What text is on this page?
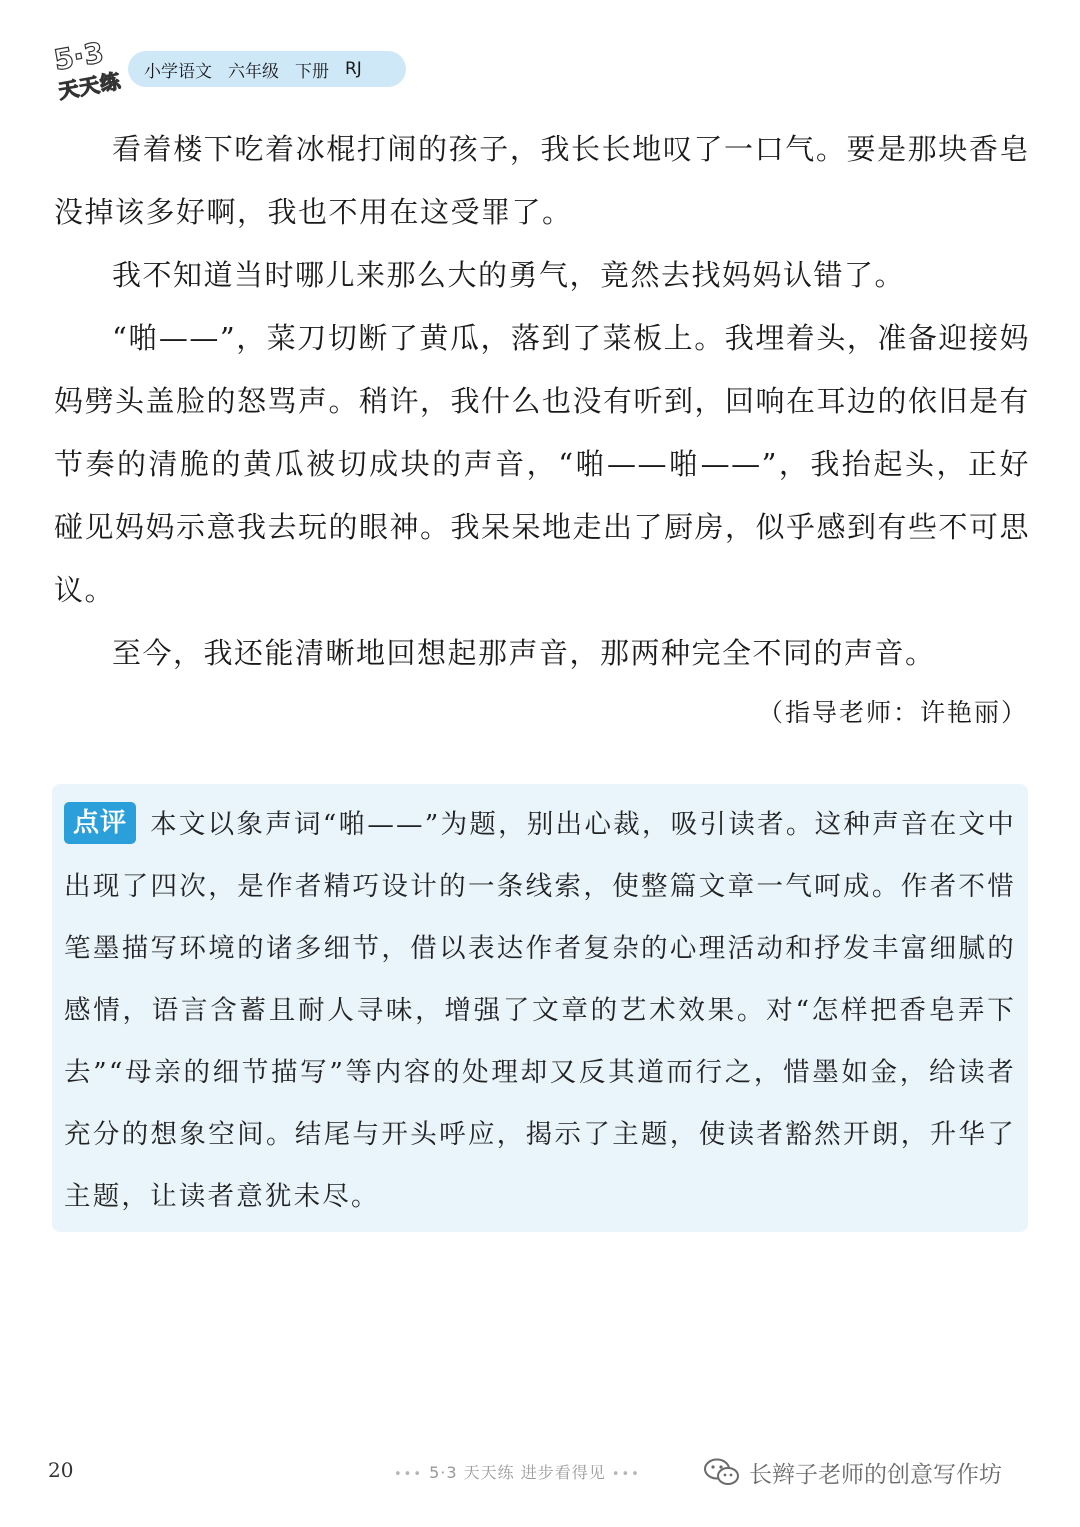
5·3
天天练 小学语文 六年级 下册 RJ

看着楼下吃着冰棍打闹的孩子，我长长地叹了一口气。要是那块香皂没掉该多好啊，我也不用在这受罪了。

我不知道当时哪儿来那么大的勇气，竟然去找妈妈认错了。

“啪——”，菜刀切断了黄瓜，落到了菜板上。我埋着头，准备迎接妈妈劈头盖脸的怒骂声。稍许，我什么也没有听到，回响在耳边的依旧是有节奏的清脆的黄瓜被切成块的声音，“啪——啪——”，我抬起头，正好碰见妈妈示意我去玩的眼神。我呆呆地走出了厨房，似乎感到有些不可思议。

至今，我还能清晰地回想起那声音，那两种完全不同的声音。

（指导老师：许艳丽）
点评 本文以象声词“啪——”为题，别出心裁，吸引读者。这种声音在文中出现了四次，是作者精巧设计的一条线索，使整篇文章一气呵成。作者不惜笔墨描写环境的诸多细节，借以表达作者复杂的心理活动和抒发丰富细腻的感情，语言含蓄且耐人寻味，增强了文章的艺术效果。对“怎样把香皂弄下去”“母亲的细节描写”等内容的处理却又反其道而行之，惜墨如金，给读者充分的想象空间。结尾与开头呼应，揭示了主题，使读者豁然开朗，升华了主题，让读者意犹未尽。
20	••• 5·3 天天练 进步看得见 •••	长辫子老师的创意写作坊
